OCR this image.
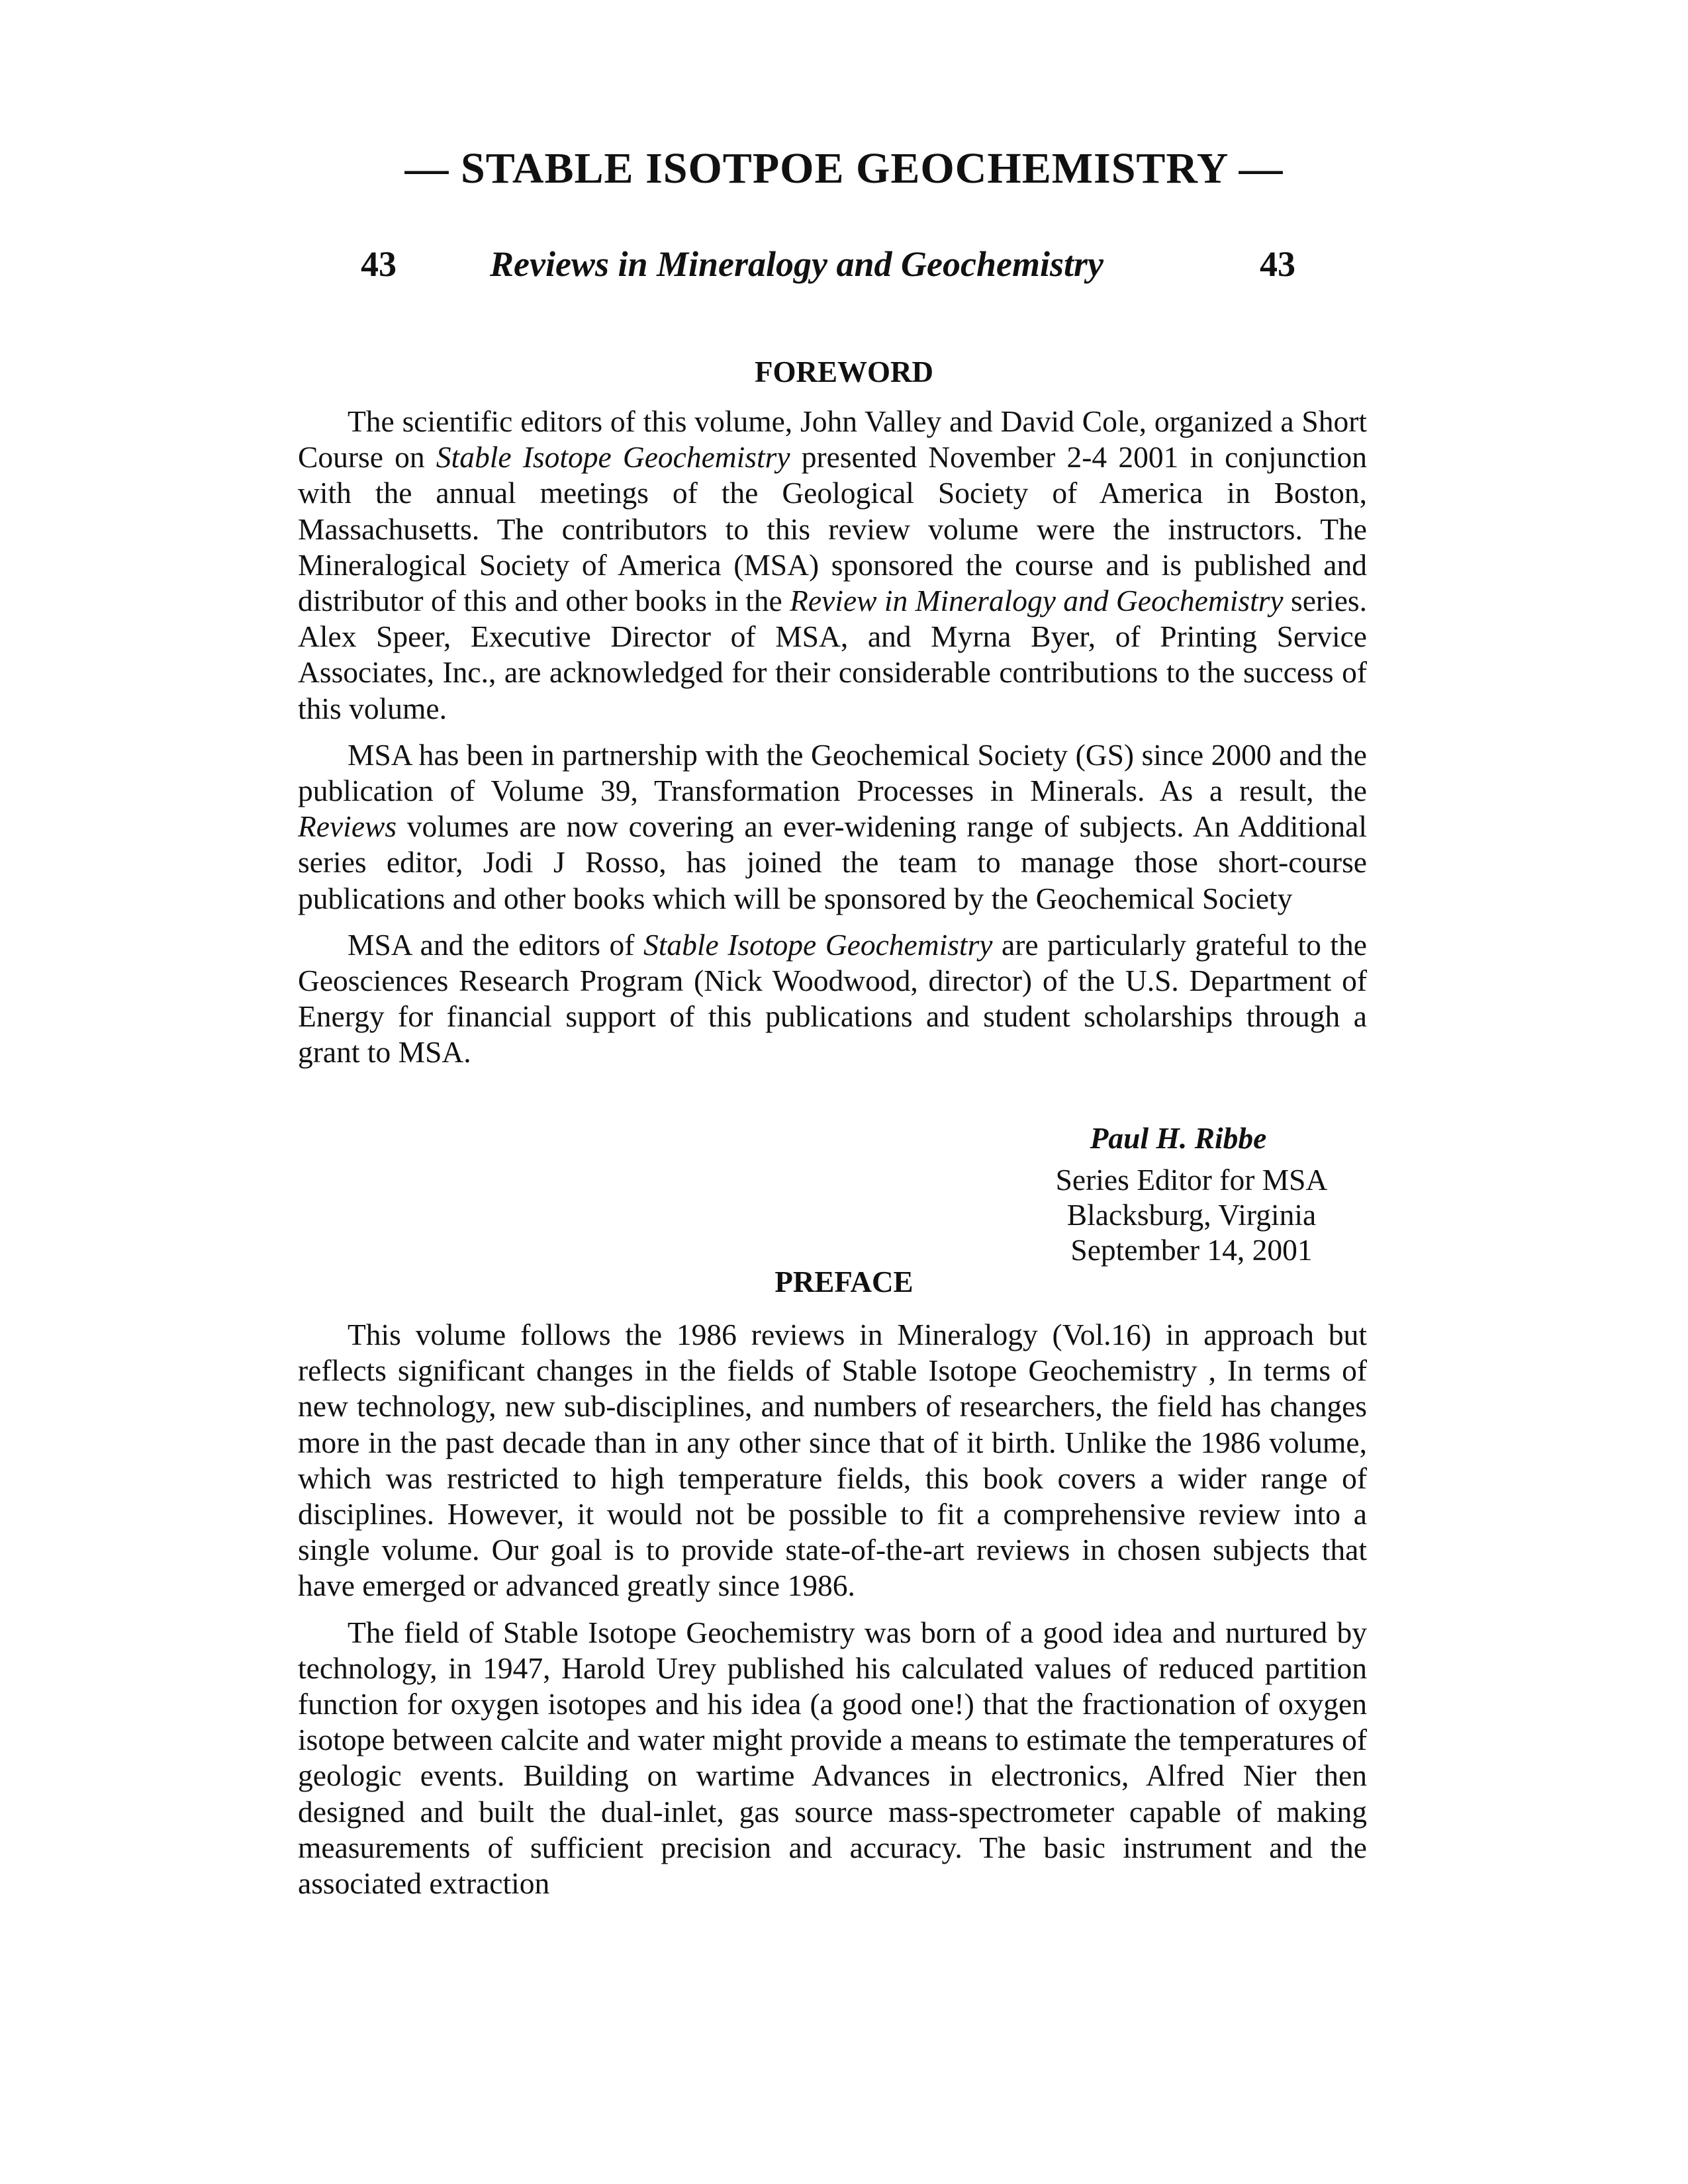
— STABLE ISOTPOE GEOCHEMISTRY —
43	Reviews in Mineralogy and Geochemistry	43
FOREWORD

The scientific editors of this volume, John Valley and David Cole, organized a Short Course on Stable Isotope Geochemistry presented November 2-4 2001 in conjunction with the annual meetings of the Geological Society of America in Boston, Massachusetts. The contributors to this review volume were the instructors. The Mineralogical Society of America (MSA) sponsored the course and is published and distributor of this and other books in the Review in Mineralogy and Geochemistry series. Alex Speer, Executive Director of MSA, and Myrna Byer, of Printing Service Associates, Inc., are acknowledged for their considerable contributions to the success of this volume.

MSA has been in partnership with the Geochemical Society (GS) since 2000 and the publication of Volume 39, Transformation Processes in Minerals. As a result, the Reviews volumes are now covering an ever-widening range of subjects. An Additional series editor, Jodi J Rosso, has joined the team to manage those short-course publications and other books which will be sponsored by the Geochemical Society

MSA and the editors of Stable Isotope Geochemistry are particularly grateful to the Geosciences Research Program (Nick Woodwood, director) of the U.S. Department of Energy for financial support of this publications and student scholarships through a grant to MSA.

Paul H. Ribbe
Series Editor for MSA
Blacksburg, Virginia
September 14, 2001
PREFACE

This volume follows the 1986 reviews in Mineralogy (Vol.16) in approach but reflects significant changes in the fields of Stable Isotope Geochemistry , In terms of new technology, new sub-disciplines, and numbers of researchers, the field has changes more in the past decade than in any other since that of it birth. Unlike the 1986 volume, which was restricted to high temperature fields, this book covers a wider range of disciplines. However, it would not be possible to fit a comprehensive review into a single volume. Our goal is to provide state-of-the-art reviews in chosen subjects that have emerged or advanced greatly since 1986.

The field of Stable Isotope Geochemistry was born of a good idea and nurtured by technology, in 1947, Harold Urey published his calculated values of reduced partition function for oxygen isotopes and his idea (a good one!) that the fractionation of oxygen isotope between calcite and water might provide a means to estimate the temperatures of geologic events. Building on wartime Advances in electronics, Alfred Nier then designed and built the dual-inlet, gas source mass-spectrometer capable of making measurements of sufficient precision and accuracy. The basic instrument and the associated extraction
